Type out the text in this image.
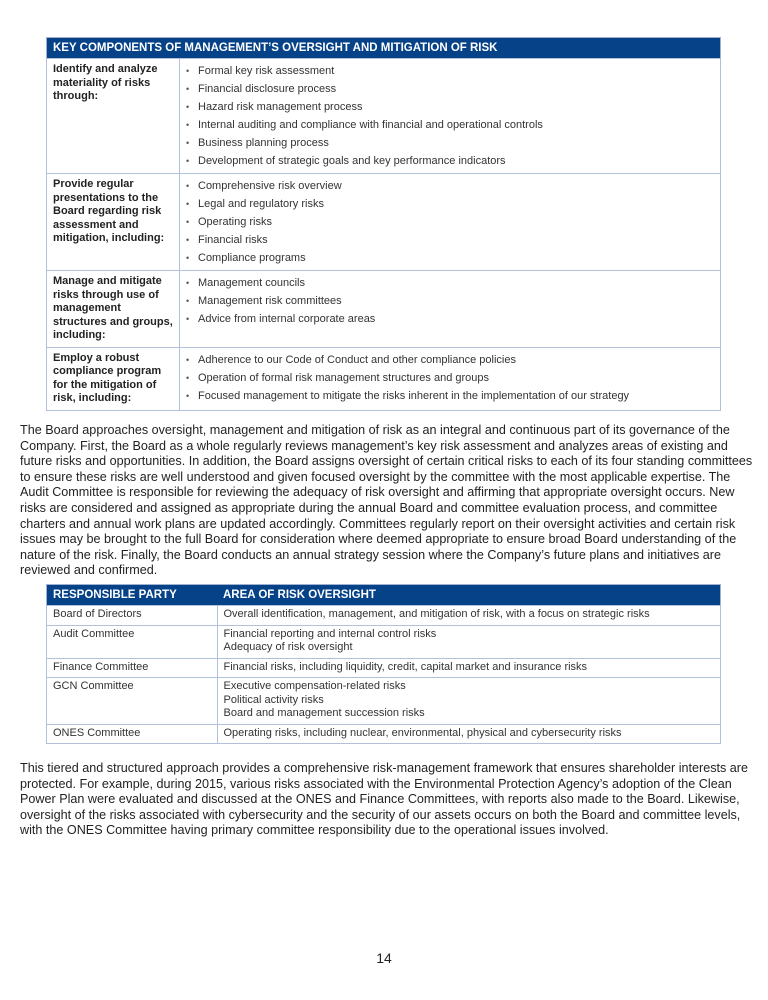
KEY COMPONENTS OF MANAGEMENT’S OVERSIGHT AND MITIGATION OF RISK	
Identify and analyze materiality of risks through:	
• Formal key risk assessment
• Financial disclosure process
• Hazard risk management process
• Internal auditing and compliance with financial and operational controls
• Business planning process
• Development of strategic goals and key performance indicators

Provide regular presentations to the Board regarding risk assessment and mitigation, including:	
• Comprehensive risk overview
• Legal and regulatory risks
• Operating risks
• Financial risks
• Compliance programs

Manage and mitigate risks through use of management structures and groups, including:	
• Management councils
• Management risk committees
• Advice from internal corporate areas

Employ a robust compliance program for the mitigation of risk, including:	
• Adherence to our Code of Conduct and other compliance policies
• Operation of formal risk management structures and groups
• Focused management to mitigate the risks inherent in the implementation of our strategy

The Board approaches oversight, management and mitigation of risk as an integral and continuous part of its governance of the Company. First, the Board as a whole regularly reviews management’s key risk assessment and analyzes areas of existing and future risks and opportunities. In addition, the Board assigns oversight of certain critical risks to each of its four standing committees to ensure these risks are well understood and given focused oversight by the committee with the most applicable expertise. The Audit Committee is responsible for reviewing the adequacy of risk oversight and affirming that appropriate oversight occurs. New risks are considered and assigned as appropriate during the annual Board and committee evaluation process, and committee charters and annual work plans are updated accordingly. Committees regularly report on their oversight activities and certain risk issues may be brought to the full Board for consideration where deemed appropriate to ensure broad Board understanding of the nature of the risk. Finally, the Board conducts an annual strategy session where the Company’s future plans and initiatives are reviewed and confirmed.

RESPONSIBLE PARTY	AREA OF RISK OVERSIGHT
Board of Directors	Overall identification, management, and mitigation of risk, with a focus on strategic risks

Audit Committee	Financial reporting and internal control risks
Adequacy of risk oversight

Finance Committee	Financial risks, including liquidity, credit, capital market and insurance risks

GCN Committee	Executive compensation-related risks
Political activity risks
Board and management succession risks

ONES Committee	Operating risks, including nuclear, environmental, physical and cybersecurity risks

This tiered and structured approach provides a comprehensive risk-management framework that ensures shareholder interests are protected. For example, during 2015, various risks associated with the Environmental Protection Agency’s adoption of the Clean Power Plan were evaluated and discussed at the ONES and Finance Committees, with reports also made to the Board. Likewise, oversight of the risks associated with cybersecurity and the security of our assets occurs on both the Board and committee levels, with the ONES Committee having primary committee responsibility due to the operational issues involved.

14
